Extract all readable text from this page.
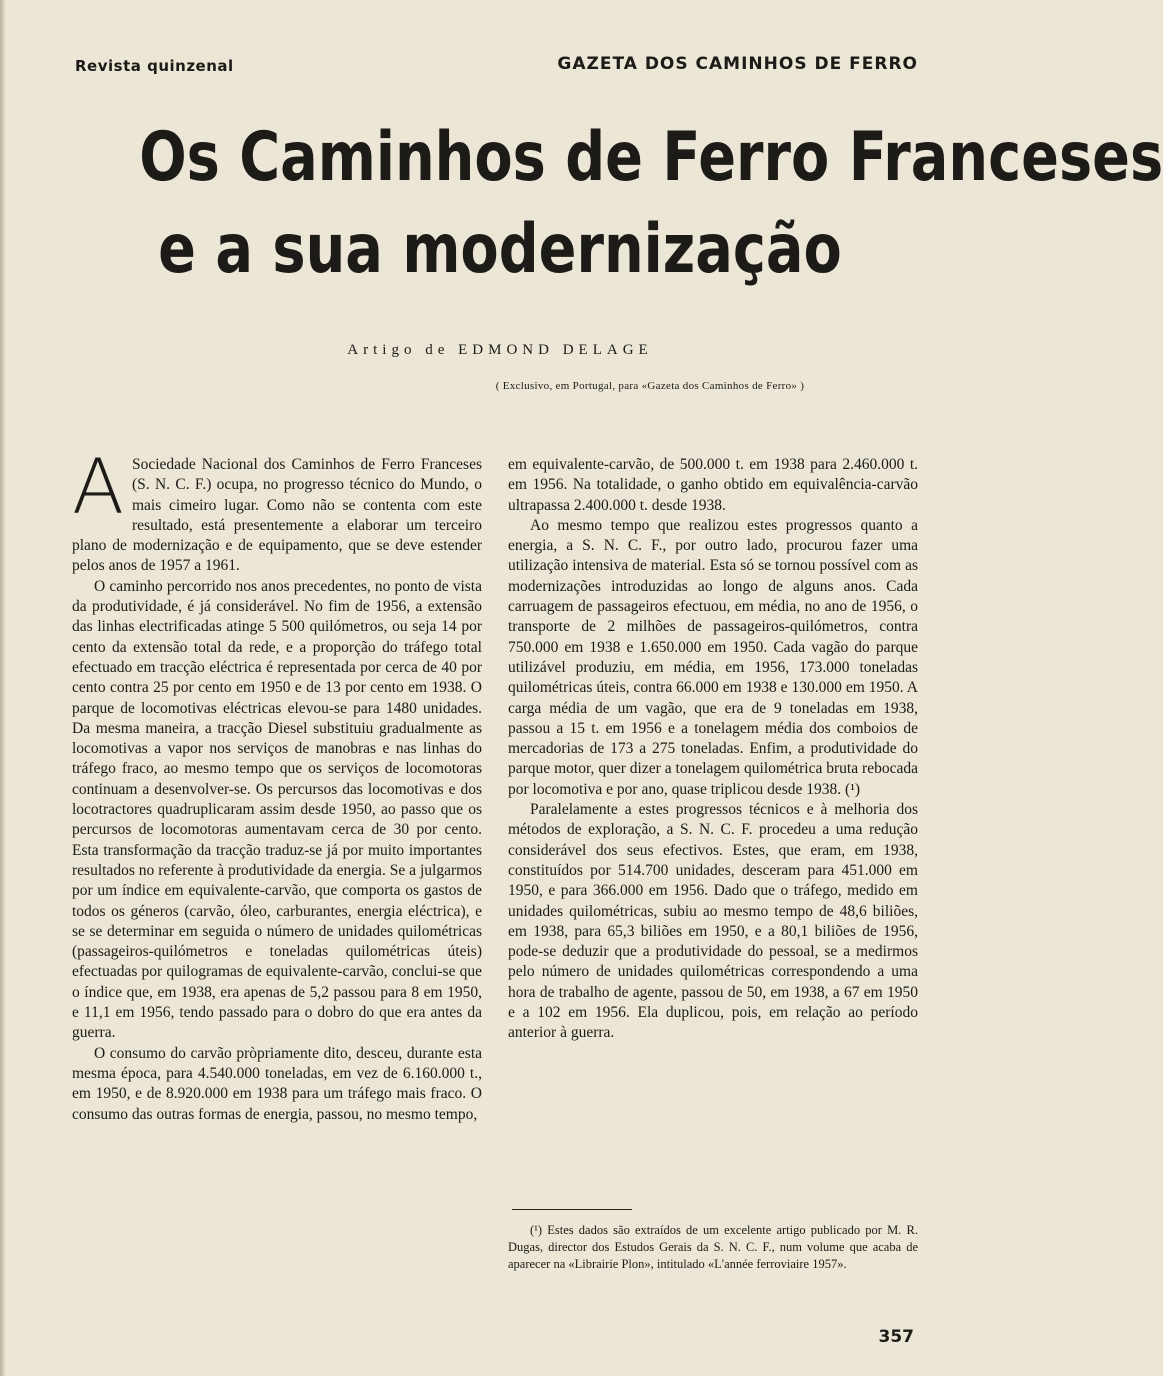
Revista quinzenal	GAZETA DOS CAMINHOS DE FERRO
Os Caminhos de Ferro Franceses
e a sua modernização
Artigo de EDMOND DELAGE
( Exclusivo, em Portugal, para «Gazeta dos Caminhos de Ferro» )

A Sociedade Nacional dos Caminhos de Ferro Franceses (S. N. C. F.) ocupa, no progresso técnico do Mundo, o mais cimeiro lugar. Como não se contenta com este resultado, está presentemente a elaborar um terceiro plano de modernização e de equipamento, que se deve estender pelos anos de 1957 a 1961.

O caminho percorrido nos anos precedentes, no ponto de vista da produtividade, é já considerável. No fim de 1956, a extensão das linhas electrificadas atinge 5 500 quilómetros, ou seja 14 por cento da extensão total da rede, e a proporção do tráfego total efectuado em tracção eléctrica é representada por cerca de 40 por cento contra 25 por cento em 1950 e de 13 por cento em 1938. O parque de locomotivas eléctricas elevou-se para 1480 unidades. Da mesma maneira, a tracção Diesel substituiu gradualmente as locomotivas a vapor nos serviços de manobras e nas linhas do tráfego fraco, ao mesmo tempo que os serviços de locomotoras continuam a desenvolver-se. Os percursos das locomotivas e dos locotractores quadruplicaram assim desde 1950, ao passo que os percursos de locomotoras aumentavam cerca de 30 por cento. Esta transformação da tracção traduz-se já por muito importantes resultados no referente à produtividade da energia. Se a julgarmos por um índice em equivalente-carvão, que comporta os gastos de todos os géneros (carvão, óleo, carburantes, energia eléctrica), e se se determinar em seguida o número de unidades quilométricas (passageiros-quilómetros e toneladas quilométricas úteis) efectuadas por quilogramas de equivalente-carvão, conclui-se que o índice que, em 1938, era apenas de 5,2 passou para 8 em 1950, e 11,1 em 1956, tendo passado para o dobro do que era antes da guerra.

O consumo do carvão pròpriamente dito, desceu, durante esta mesma época, para 4.540.000 toneladas, em vez de 6.160.000 t., em 1950, e de 8.920.000 em 1938 para um tráfego mais fraco. O consumo das outras formas de energia, passou, no mesmo tempo,

em equivalente-carvão, de 500.000 t. em 1938 para 2.460.000 t. em 1956. Na totalidade, o ganho obtido em equivalência-carvão ultrapassa 2.400.000 t. desde 1938.

Ao mesmo tempo que realizou estes progressos quanto a energia, a S. N. C. F., por outro lado, procurou fazer uma utilização intensiva de material. Esta só se tornou possível com as modernizações introduzidas ao longo de alguns anos. Cada carruagem de passageiros efectuou, em média, no ano de 1956, o transporte de 2 milhões de passageiros-quilómetros, contra 750.000 em 1938 e 1.650.000 em 1950. Cada vagão do parque utilizável produziu, em média, em 1956, 173.000 toneladas quilométricas úteis, contra 66.000 em 1938 e 130.000 em 1950. A carga média de um vagão, que era de 9 toneladas em 1938, passou a 15 t. em 1956 e a tonelagem média dos comboios de mercadorias de 173 a 275 toneladas. Enfim, a produtividade do parque motor, quer dizer a tonelagem quilométrica bruta rebocada por locomotiva e por ano, quase triplicou desde 1938. (¹)

Paralelamente a estes progressos técnicos e à melhoria dos métodos de exploração, a S. N. C. F. procedeu a uma redução considerável dos seus efectivos. Estes, que eram, em 1938, constituídos por 514.700 unidades, desceram para 451.000 em 1950, e para 366.000 em 1956. Dado que o tráfego, medido em unidades quilométricas, subiu ao mesmo tempo de 48,6 biliões, em 1938, para 65,3 biliões em 1950, e a 80,1 biliões de 1956, pode-se deduzir que a produtividade do pessoal, se a medirmos pelo número de unidades quilométricas correspondendo a uma hora de trabalho de agente, passou de 50, em 1938, a 67 em 1950 e a 102 em 1956. Ela duplicou, pois, em relação ao período anterior à guerra.

(¹) Estes dados são extraídos de um excelente artigo publicado por M. R. Dugas, director dos Estudos Gerais da S. N. C. F., num volume que acaba de aparecer na «Librairie Plon», intitulado «L'année ferroviaire 1957».

357
